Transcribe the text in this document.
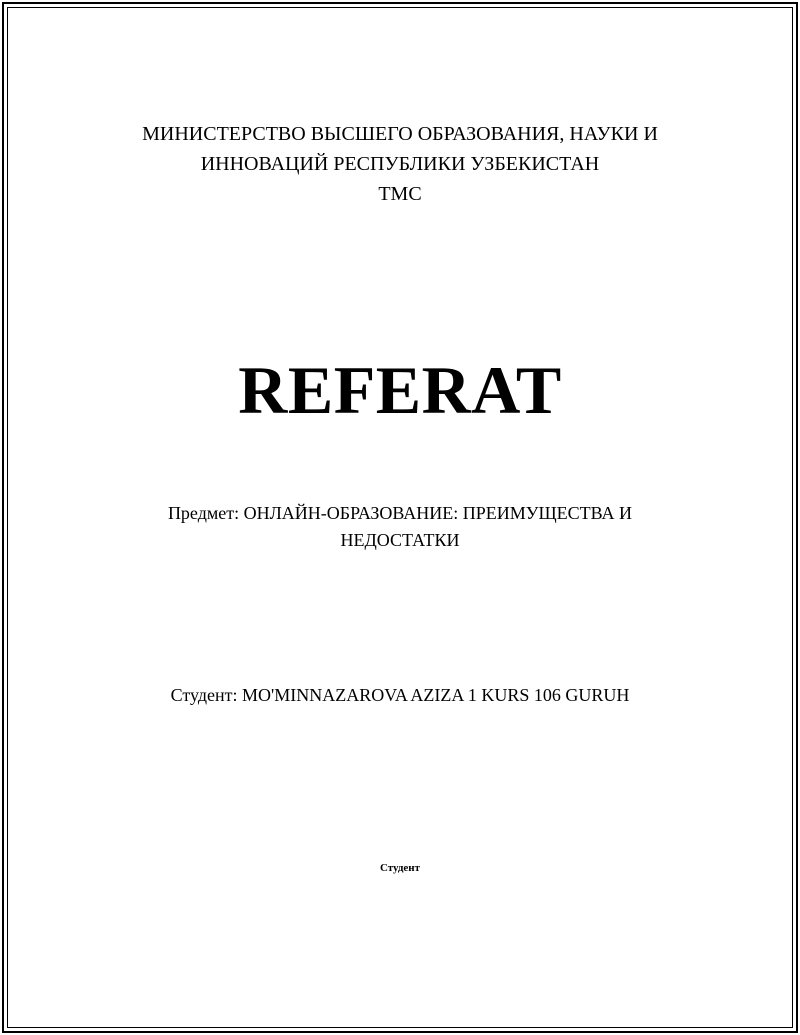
МИНИСТЕРСТВО ВЫСШЕГО ОБРАЗОВАНИЯ, НАУКИ И
ИННОВАЦИЙ РЕСПУБЛИКИ УЗБЕКИСТАН
TMC
REFERAT
Предмет: ОНЛАЙН-ОБРАЗОВАНИЕ: ПРЕИМУЩЕСТВА И
НЕДОСТАТКИ
Студент: MO'MINNAZAROVA AZIZA 1 KURS 106 GURUH
Студент
